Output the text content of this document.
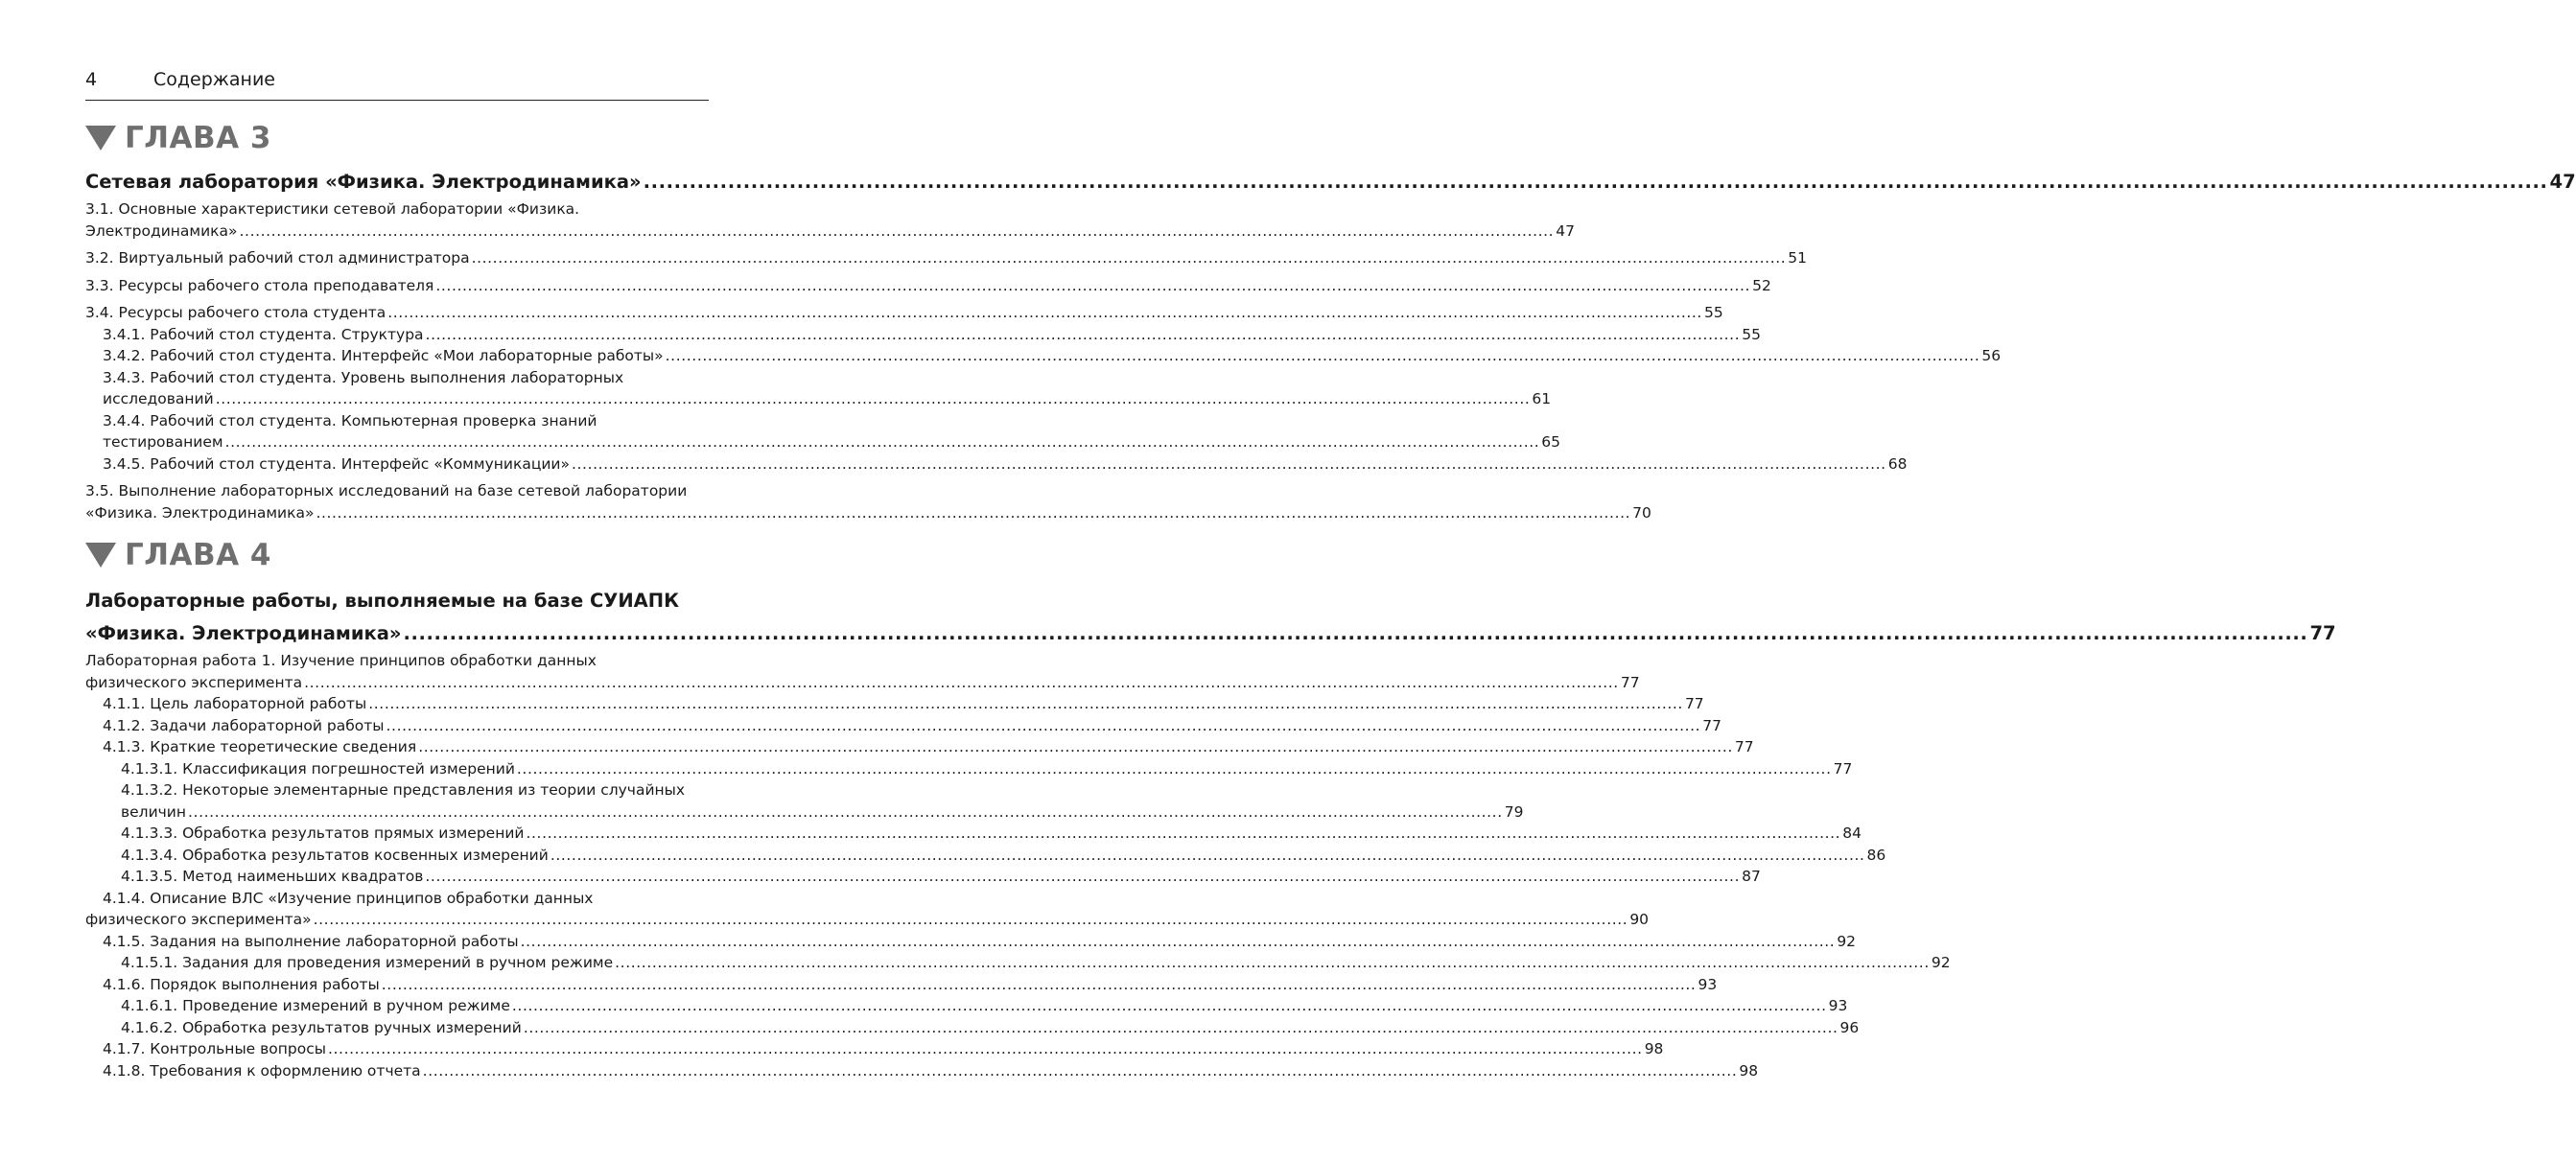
4	Содержание
ГЛАВА 3
Сетевая лаборатория «Физика. Электродинамика» .....	47
3.1. Основные характеристики сетевой лаборатории «Физика.
Электродинамика» .....	47
3.2. Виртуальный рабочий стол администратора .....	51
3.3. Ресурсы рабочего стола преподавателя .....	52
3.4. Ресурсы рабочего стола студента .....	55
3.4.1. Рабочий стол студента. Структура .....	55
3.4.2. Рабочий стол студента. Интерфейс «Мои лабораторные работы» .....	56
3.4.3. Рабочий стол студента. Уровень выполнения лабораторных
исследований .....	61
3.4.4. Рабочий стол студента. Компьютерная проверка знаний
тестированием .....	65
3.4.5. Рабочий стол студента. Интерфейс «Коммуникации» .....	68
3.5. Выполнение лабораторных исследований на базе сетевой лаборатории
«Физика. Электродинамика» .....	70
ГЛАВА 4
Лабораторные работы, выполняемые на базе СУИАПК
«Физика. Электродинамика» .....	77
Лабораторная работа 1. Изучение принципов обработки данных
физического эксперимента .....	77
4.1.1. Цель лабораторной работы .....	77
4.1.2. Задачи лабораторной работы .....	77
4.1.3. Краткие теоретические сведения .....	77
4.1.3.1. Классификация погрешностей измерений .....	77
4.1.3.2. Некоторые элементарные представления из теории случайных
величин .....	79
4.1.3.3. Обработка результатов прямых измерений .....	84
4.1.3.4. Обработка результатов косвенных измерений .....	86
4.1.3.5. Метод наименьших квадратов .....	87
4.1.4. Описание ВЛС «Изучение принципов обработки данных
физического эксперимента» .....	90
4.1.5. Задания на выполнение лабораторной работы .....	92
4.1.5.1. Задания для проведения измерений в ручном режиме .....	92
4.1.6. Порядок выполнения работы .....	93
4.1.6.1. Проведение измерений в ручном режиме .....	93
4.1.6.2. Обработка результатов ручных измерений .....	96
4.1.7. Контрольные вопросы .....	98
4.1.8. Требования к оформлению отчета .....	98
